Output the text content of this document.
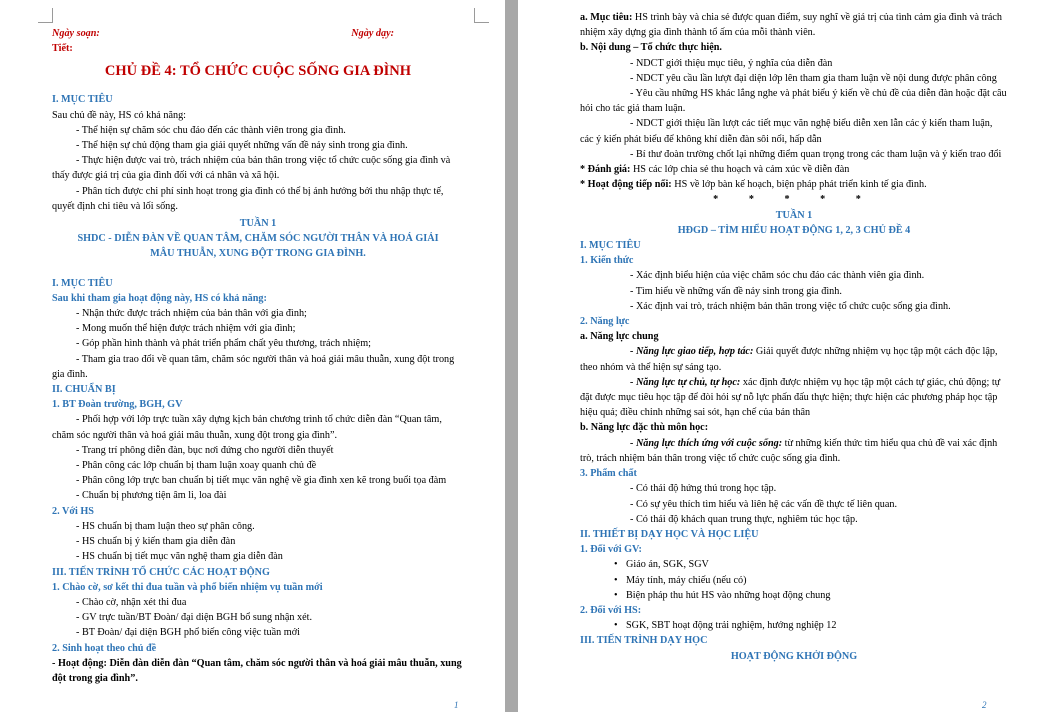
Ngày soạn:	Ngày dạy:

Tiết:

CHỦ ĐỀ 4: TỔ CHỨC CUỘC SỐNG GIA ĐÌNH

I. MỤC TIÊU

Sau chủ đề này, HS có khả năng:

- Thể hiện sự chăm sóc chu đáo đến các thành viên trong gia đình.

- Thể hiện sự chủ động tham gia giải quyết những vấn đề nảy sinh trong gia đình.

- Thực hiện được vai trò, trách nhiệm của bản thân trong việc tổ chức cuộc sống gia đình và thấy được giá trị của gia đình đối với cá nhân và xã hội.

- Phân tích được chi phí sinh hoạt trong gia đình có thể bị ảnh hưởng bởi thu nhập thực tế, quyết định chi tiêu và lối sống.

TUẦN 1

SHDC - DIỄN ĐÀN VỀ QUAN TÂM, CHĂM SÓC NGƯỜI THÂN VÀ HOÁ GIẢI MÂU THUẪN, XUNG ĐỘT TRONG GIA ĐÌNH.

I. MỤC TIÊU

Sau khi tham gia hoạt động này, HS có khả năng:

- Nhận thức được trách nhiệm của bản thân với gia đình;

- Mong muốn thể hiện được trách nhiệm với gia đình;

- Góp phần hình thành và phát triển phẩm chất yêu thương, trách nhiệm;

- Tham gia trao đổi về quan tâm, chăm sóc người thân và hoá giải mâu thuẫn, xung đột trong gia đình.

II. CHUẨN BỊ

1. BT Đoàn trường, BGH, GV

- Phối hợp với lớp trực tuần xây dựng kịch bản chương trình tổ chức diễn đàn “Quan tâm, chăm sóc người thân và hoá giải mâu thuẫn, xung đột trong gia đình”.

- Trang trí phông diễn đàn, bục nơi đứng cho người diễn thuyết

- Phân công các lớp chuẩn bị tham luận xoay quanh chủ đề

- Phân công lớp trực ban chuẩn bị tiết mục văn nghệ về gia đình xen kẽ trong buổi tọa đàm

- Chuẩn bị phương tiện âm li, loa đài

2. Với HS

- HS chuẩn bị tham luận theo sự phân công.

- HS chuẩn bị ý kiến tham gia diễn đàn

- HS chuẩn bị tiết mục văn nghệ tham gia diễn đàn

III. TIẾN TRÌNH TỔ CHỨC CÁC HOẠT ĐỘNG

1. Chào cờ, sơ kết thi đua tuần và phổ biến nhiệm vụ tuần mới

- Chào cờ, nhận xét thi đua

- GV trực tuần/BT Đoàn/ đại diện BGH bổ sung nhận xét.

- BT Đoàn/ đại diện BGH phổ biến công việc tuần mới

2. Sinh hoạt theo chủ đề

- Hoạt động: Diễn đàn diễn đàn “Quan tâm, chăm sóc người thân và hoá giải mâu thuẫn, xung đột trong gia đình”.

1

a. Mục tiêu: HS trình bày và chia sẻ được quan điểm, suy nghĩ về giá trị của tình cảm gia đình và trách nhiệm xây dựng gia đình thành tổ ấm của mỗi thành viên.

b. Nội dung – Tổ chức thực hiện.

- NDCT giới thiệu mục tiêu, ý nghĩa của diễn đàn

- NDCT yêu cầu lần lượt đại diện lớp lên tham gia tham luận về nội dung được phân công

- Yêu cầu những HS khác lắng nghe và phát biểu ý kiến về chủ đề của diễn đàn hoặc đặt câu hỏi cho tác giả tham luận.

- NDCT giới thiệu lần lượt các tiết mục văn nghệ biểu diễn xen lẫn các ý kiến tham luận, các ý kiến phát biểu để không khí diễn đàn sôi nổi, hấp dẫn

- Bí thư đoàn trường chốt lại những điểm quan trọng trong các tham luận và ý kiến trao đổi

* Đánh giá: HS các lớp chia sẻ thu hoạch và cảm xúc về diễn đàn

* Hoạt động tiếp nối: HS về lớp bàn kế hoạch, biện pháp phát triển kinh tế gia đình.

* * * * *

TUẦN 1

HĐGD – TÌM HIỂU HOẠT ĐỘNG 1, 2, 3 CHỦ ĐỀ 4

I. MỤC TIÊU

1. Kiến thức

- Xác định biểu hiện của việc chăm sóc chu đáo các thành viên gia đình.

- Tìm hiểu về những vấn đề nảy sinh trong gia đình.

- Xác định vai trò, trách nhiệm bản thân trong việc tổ chức cuộc sống gia đình.

2. Năng lực

a. Năng lực chung

- Năng lực giao tiếp, hợp tác: Giải quyết được những nhiệm vụ học tập một cách độc lập, theo nhóm và thể hiện sự sáng tạo.

- Năng lực tự chủ, tự học: xác định được nhiệm vụ học tập một cách tự giác, chủ động; tự đặt được mục tiêu học tập để đòi hỏi sự nỗ lực phấn đấu thực hiện; thực hiện các phương pháp học tập hiệu quả; điều chỉnh những sai sót, hạn chế của bản thân

b. Năng lực đặc thù môn học:

- Năng lực thích ứng với cuộc sống: từ những kiến thức tìm hiểu qua chủ đề vai xác định trò, trách nhiệm bản thân trong việc tổ chức cuộc sống gia đình.

3. Phẩm chất

- Có thái độ hứng thú trong học tập.

- Có sự yêu thích tìm hiểu và liên hệ các vấn đề thực tế liên quan.

- Có thái độ khách quan trung thực, nghiêm túc học tập.

II. THIẾT BỊ DẠY HỌC VÀ HỌC LIỆU

1. Đối với GV:

• Giáo án, SGK, SGV

• Máy tính, máy chiếu (nếu có)

• Biện pháp thu hút HS vào những hoạt động chung

2. Đối với HS:

• SGK, SBT hoạt động trải nghiệm, hướng nghiệp 12

III. TIẾN TRÌNH DẠY HỌC

HOẠT ĐỘNG KHỞI ĐỘNG

2
